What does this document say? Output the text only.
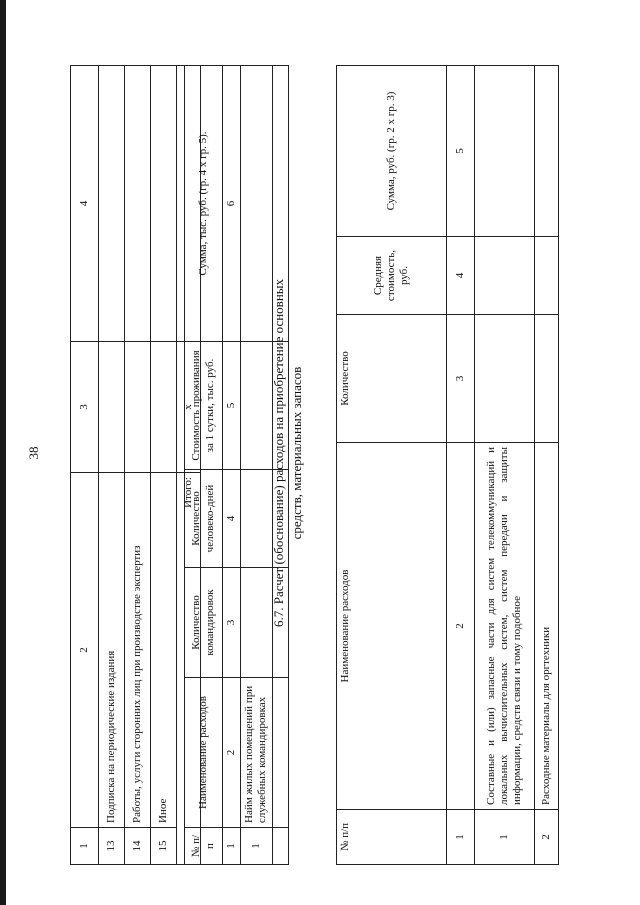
38
1	2	3	4
13	Подписка на периодические издания		
14	Работы, услуги сторонних лиц при производстве экспертиз		
15	Иное		
Итого:		x	
№ п/п	Наименование расходов	Количество командировок	Количество человеко-дней	Стоимость проживания за 1 сутки, тыс. руб.	Сумма, тыс. руб. (гр. 4 х гр. 5).
1	2	3	4	5	6
1	Найм жилых помещений при служебных командировках				

6.7. Расчет (обоснование) расходов на приобретение основных средств, материальных запасов
№ п/п	Наименование расходов	Количество	Средняя стоимость, руб.	Сумма, руб. (гр. 2 х гр. 3)
1	2	3	4	5
1	Составные и (или) запасные части для систем телекоммуникаций и локальных вычислительных систем, систем передачи и защиты информации, средств связи и тому подобное			
2	Расходные материалы для оргтехники			
